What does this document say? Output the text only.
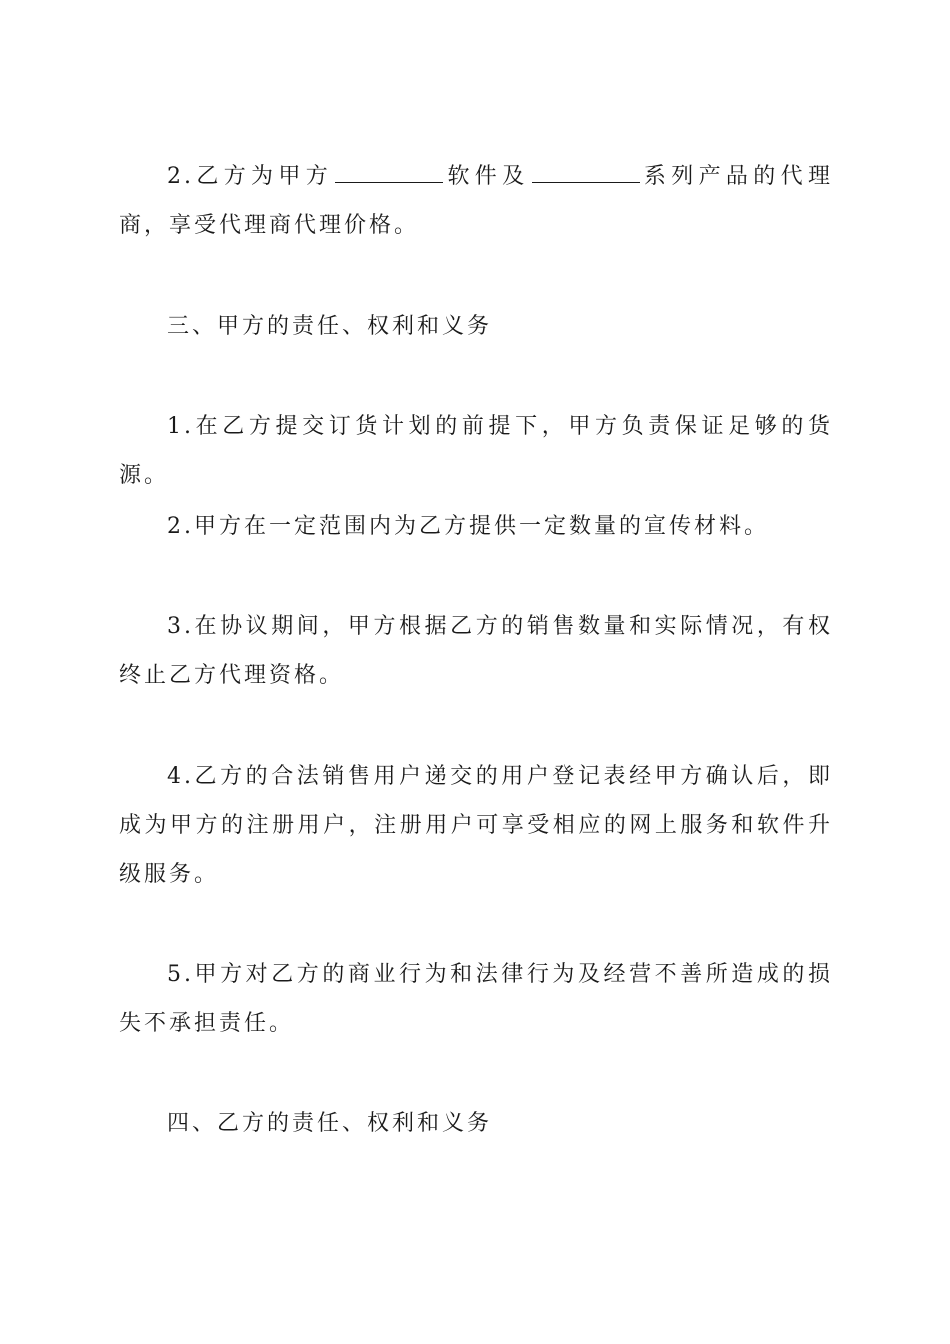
2.乙方为甲方	软件及	系列产品的代理商，享受代理商代理价格。

三、甲方的责任、权利和义务

1.在乙方提交订货计划的前提下，甲方负责保证足够的货源。

2.甲方在一定范围内为乙方提供一定数量的宣传材料。

3.在协议期间，甲方根据乙方的销售数量和实际情况，有权终止乙方代理资格。

4.乙方的合法销售用户递交的用户登记表经甲方确认后，即成为甲方的注册用户，注册用户可享受相应的网上服务和软件升级服务。

5.甲方对乙方的商业行为和法律行为及经营不善所造成的损失不承担责任。

四、乙方的责任、权利和义务
